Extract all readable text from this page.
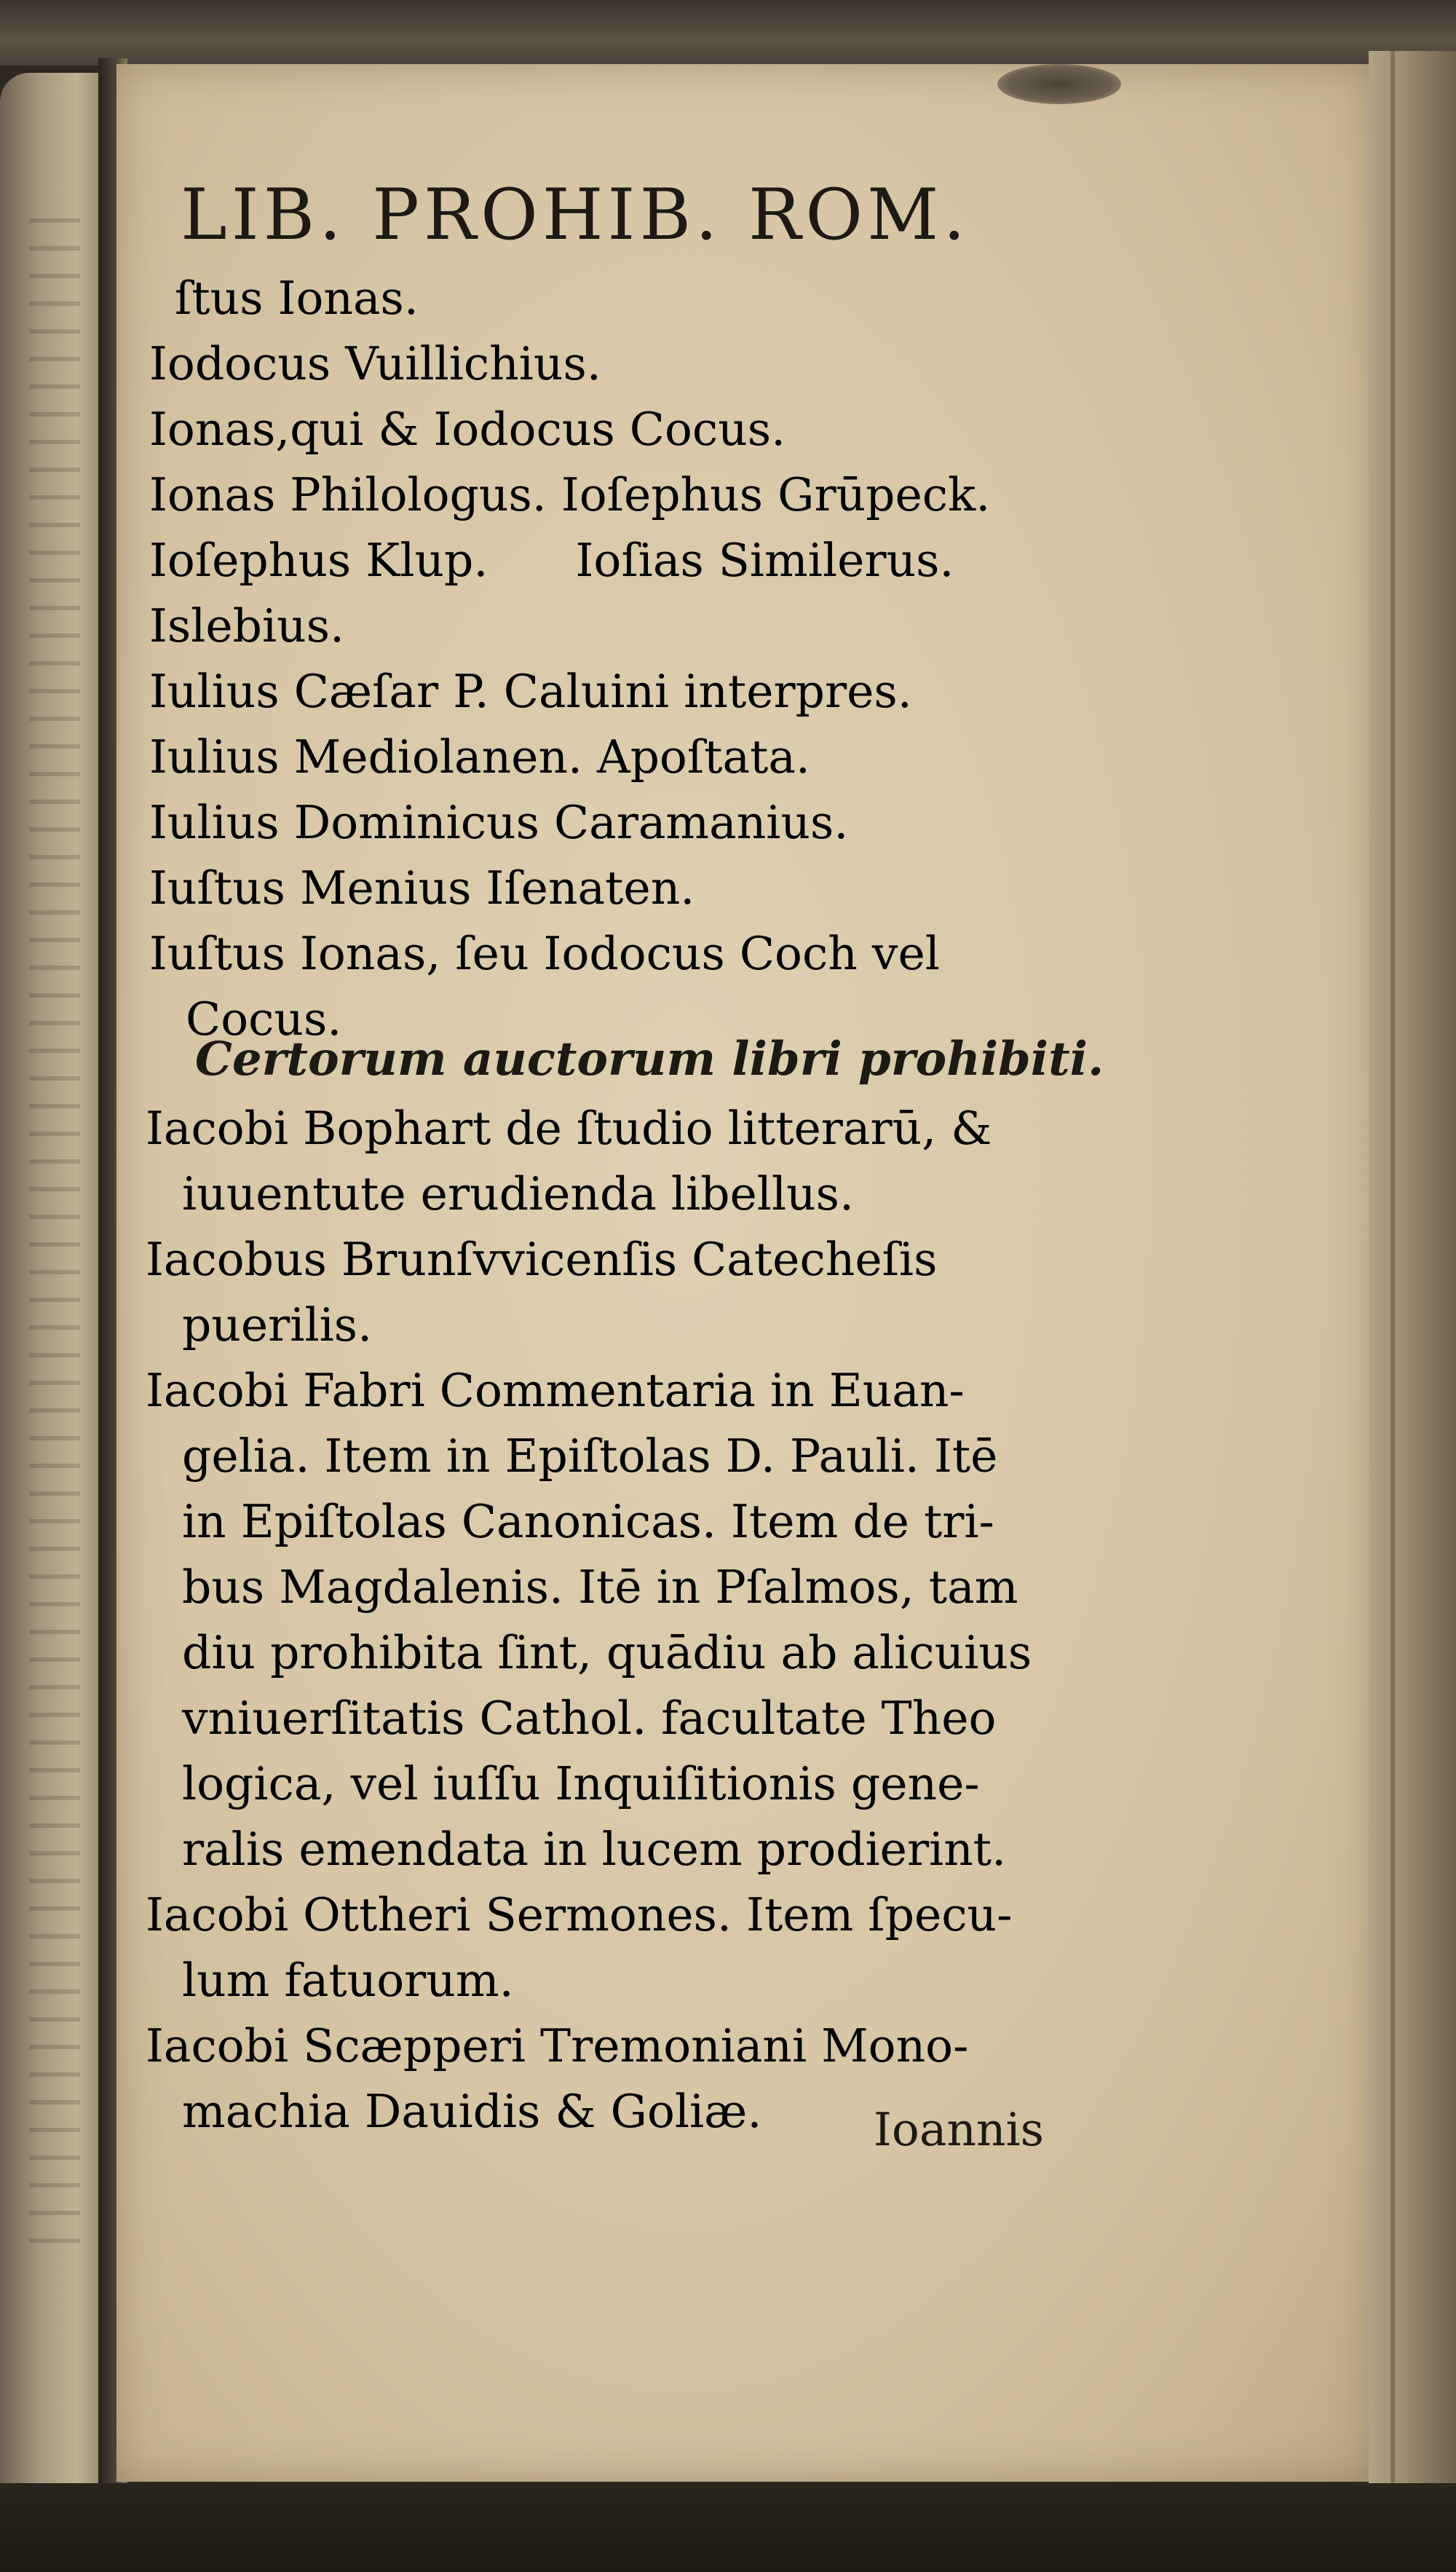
LIB. PROHIB. ROM.
ſtus Ionas.
Iodocus Vuillichius.
Ionas,qui & Iodocus Cocus.
Ionas Philologus. Ioſephus Grūpeck.
Ioſephus Klup.      Ioſias Similerus.
Islebius.
Iulius Cæſar P. Caluini interpres.
Iulius Mediolanen. Apoſtata.
Iulius Dominicus Caramanius.
Iuſtus Menius Iſenaten.
Iuſtus Ionas, ſeu Iodocus Coch vel
Cocus.
Certorum auctorum libri prohibiti.
Iacobi Bophart de ſtudio litterarū, &
iuuentute erudienda libellus.
Iacobus Brunſvvicenſis Catecheſis
puerilis.
Iacobi Fabri Commentaria in Euan-
gelia. Item in Epiſtolas D. Pauli. Itē
in Epiſtolas Canonicas. Item de tri-
bus Magdalenis. Itē in Pſalmos, tam
diu prohibita ſint, quādiu ab alicuius
vniuerſitatis Cathol. facultate Theo
logica, vel iuſſu Inquiſitionis gene-
ralis emendata in lucem prodierint.
Iacobi Ottheri Sermones. Item ſpecu-
lum fatuorum.
Iacobi Scæpperi Tremoniani Mono-
machia Dauidis & Goliæ.	Ioannis
